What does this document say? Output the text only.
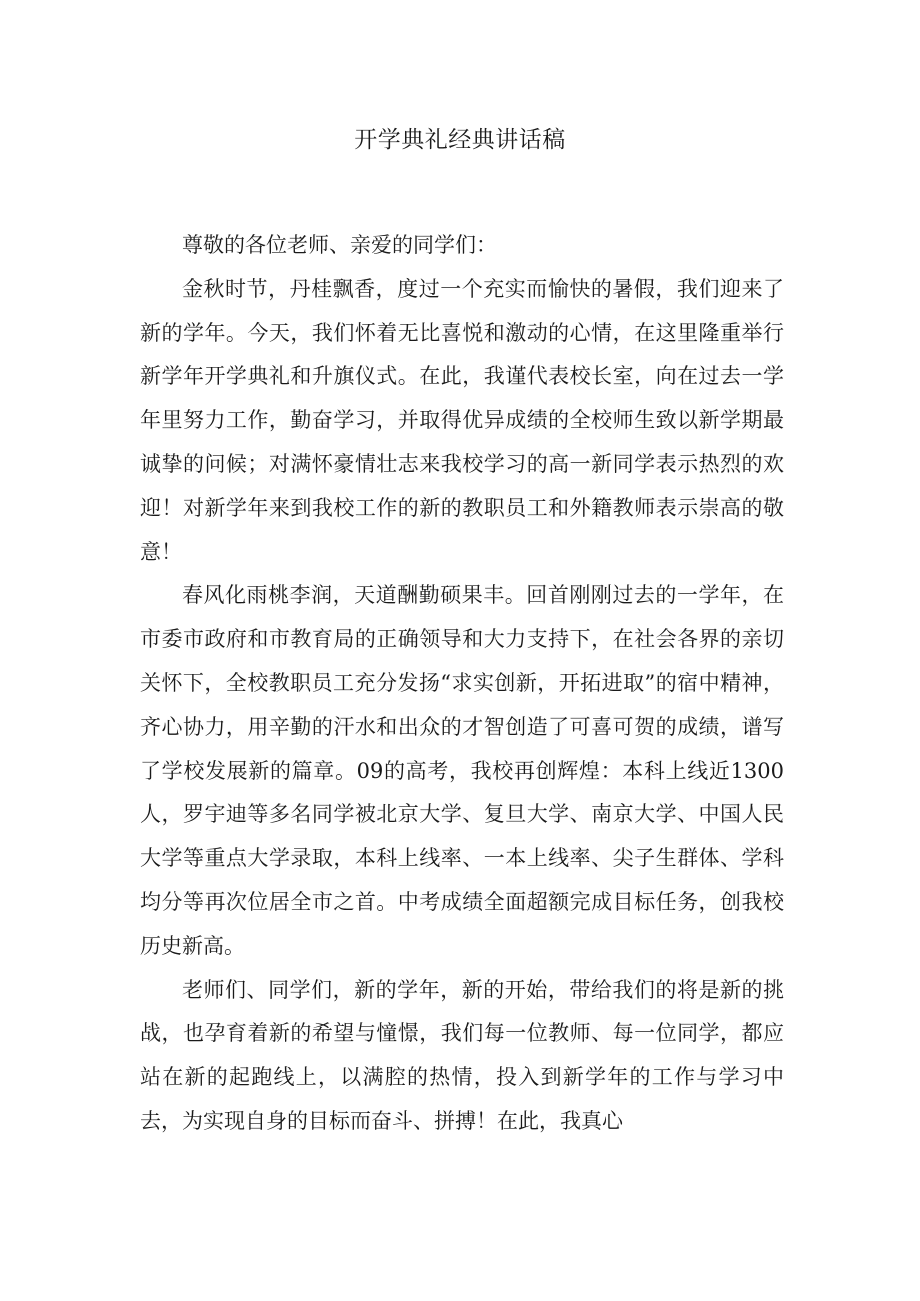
开学典礼经典讲话稿

尊敬的各位老师、亲爱的同学们：

金秋时节，丹桂飘香，度过一个充实而愉快的暑假，我们迎来了新的学年。今天，我们怀着无比喜悦和激动的心情，在这里隆重举行新学年开学典礼和升旗仪式。在此，我谨代表校长室，向在过去一学年里努力工作，勤奋学习，并取得优异成绩的全校师生致以新学期最诚挚的问候；对满怀豪情壮志来我校学习的高一新同学表示热烈的欢迎！对新学年来到我校工作的新的教职员工和外籍教师表示崇高的敬意！

春风化雨桃李润，天道酬勤硕果丰。回首刚刚过去的一学年，在市委市政府和市教育局的正确领导和大力支持下，在社会各界的亲切关怀下，全校教职员工充分发扬“求实创新，开拓进取”的宿中精神，齐心协力，用辛勤的汗水和出众的才智创造了可喜可贺的成绩，谱写了学校发展新的篇章。09的高考，我校再创辉煌：本科上线近1300人，罗宇迪等多名同学被北京大学、复旦大学、南京大学、中国人民大学等重点大学录取，本科上线率、一本上线率、尖子生群体、学科均分等再次位居全市之首。中考成绩全面超额完成目标任务，创我校历史新高。

老师们、同学们，新的学年，新的开始，带给我们的将是新的挑战，也孕育着新的希望与憧憬，我们每一位教师、每一位同学，都应站在新的起跑线上，以满腔的热情，投入到新学年的工作与学习中去，为实现自身的目标而奋斗、拼搏！在此，我真心
